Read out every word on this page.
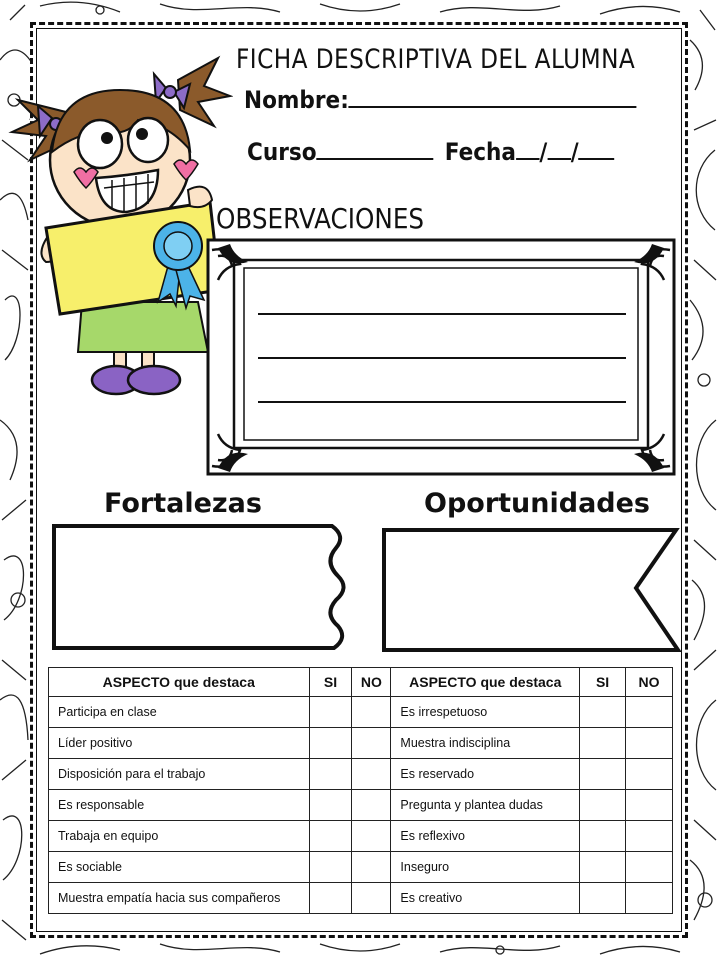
FICHA DESCRIPTIVA DEL ALUMNA
Nombre:
Curso	Fecha / /
OBSERVACIONES
Fortalezas	Oportunidades
ASPECTO que destaca	SI	NO	ASPECTO que destaca	SI	NO
Participa en clase			Es irrespetuoso		
Líder positivo			Muestra indisciplina		
Disposición para el trabajo			Es reservado		
Es responsable			Pregunta y plantea dudas		
Trabaja en equipo			Es reflexivo		
Es sociable			Inseguro		
Muestra empatía hacia sus compañeros			Es creativo		
